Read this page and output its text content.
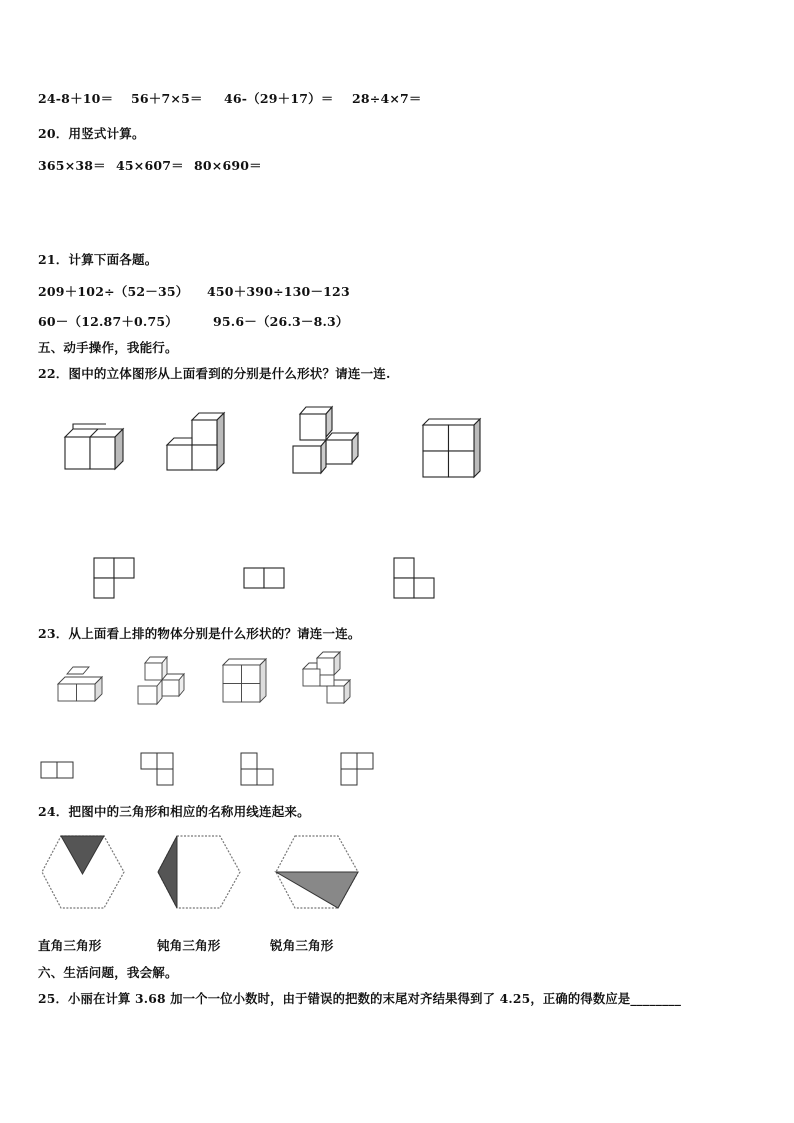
24-8＋10＝ 56＋7×5＝ 46-（29＋17）＝ 28÷4×7＝
20．用竖式计算。
365×38＝ 45×607＝ 80×690＝
21．计算下面各题。
209＋102÷（52－35） 450＋390÷130－123
60－（12.87＋0.75）	95.6－（26.3－8.3）
五、动手操作，我能行。
22．图中的立体图形从上面看到的分别是什么形状？请连一连.
23．从上面看上排的物体分别是什么形状的？请连一连。
24．把图中的三角形和相应的名称用线连起来。
直角三角形	钝角三角形	锐角三角形
六、生活问题，我会解。
25．小丽在计算 3.68 加一个一位小数时，由于错误的把数的末尾对齐结果得到了 4.25，正确的得数应是________
